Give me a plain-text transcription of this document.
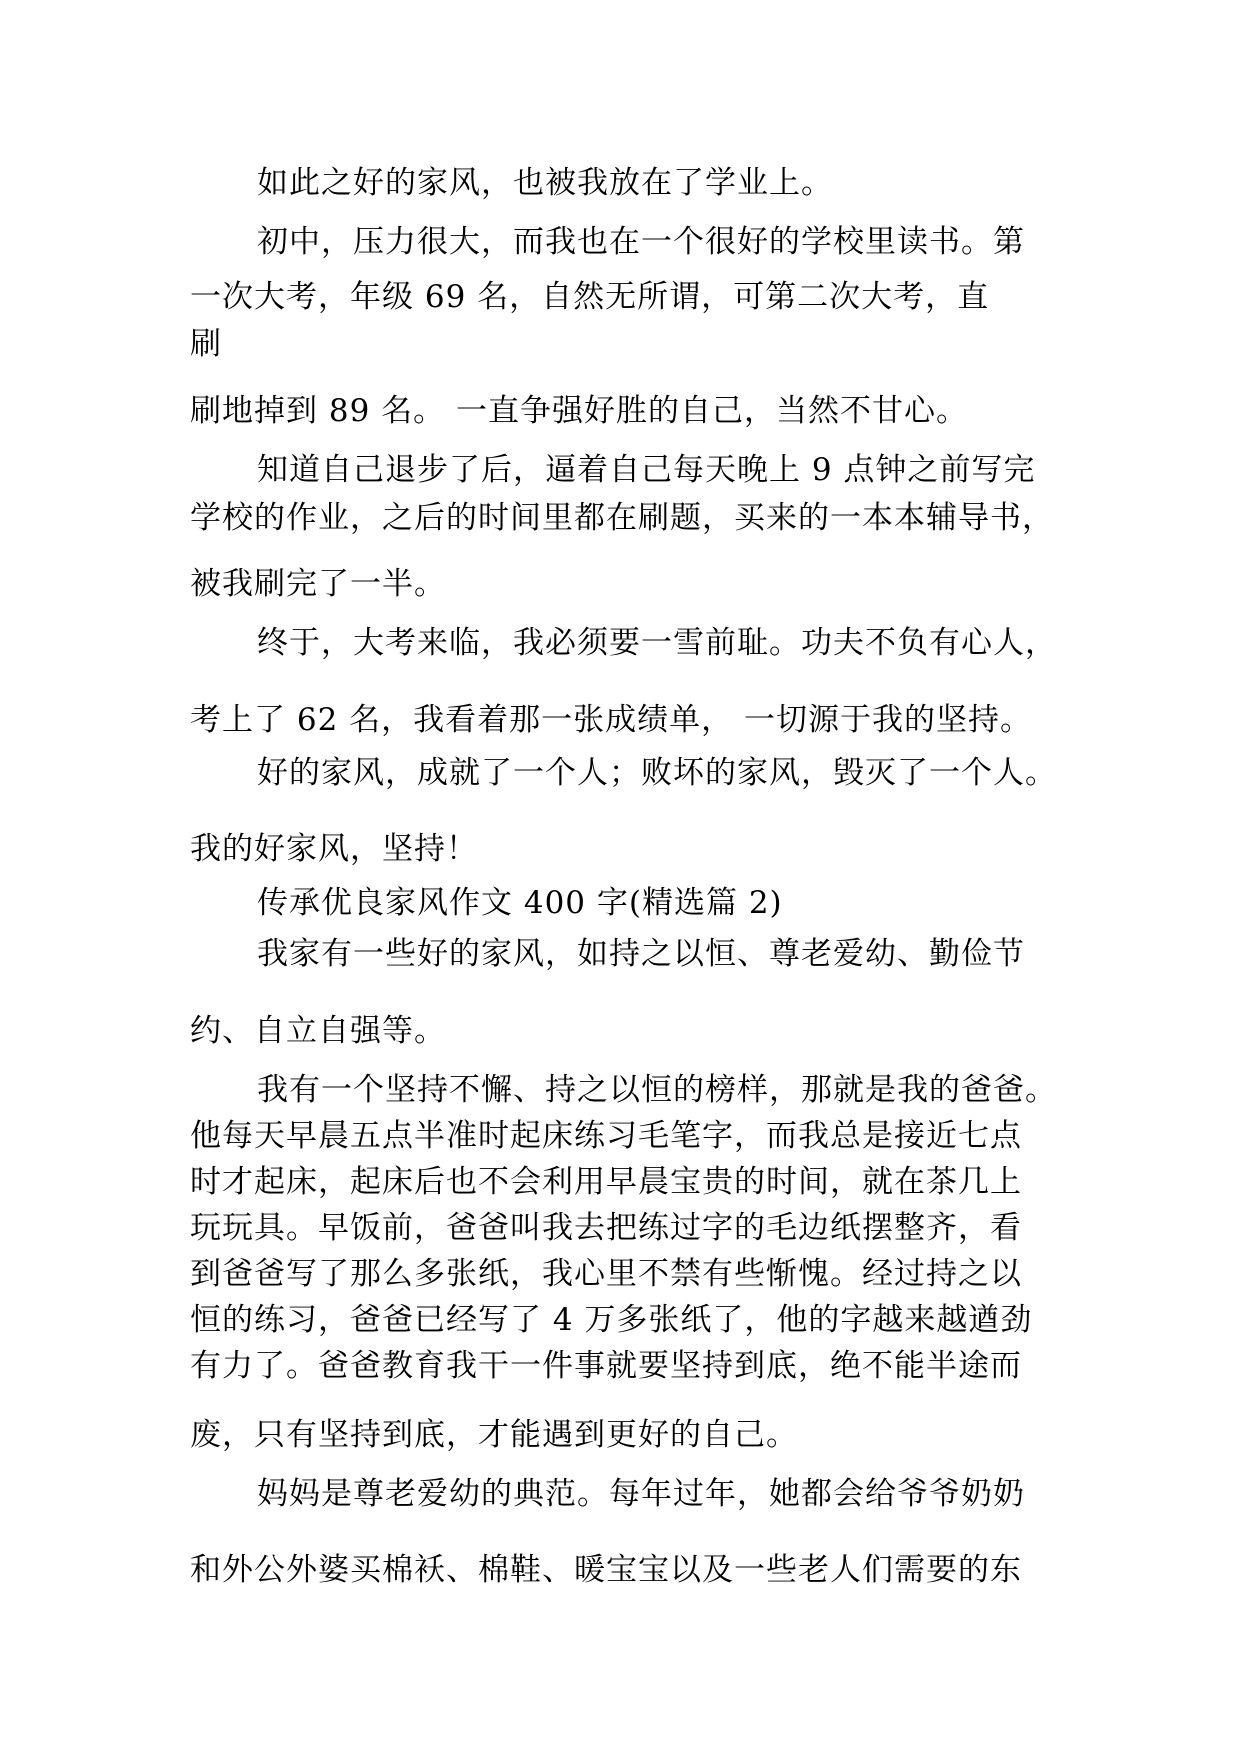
如此之好的家风，也被我放在了学业上。
初中，压力很大，而我也在一个很好的学校里读书。第
一次大考，年级 69 名，自然无所谓，可第二次大考，直
刷
刷地掉到 89 名。 一直争强好胜的自己，当然不甘心。
知道自己退步了后，逼着自己每天晚上 9 点钟之前写完
学校的作业，之后的时间里都在刷题，买来的一本本辅导书，
被我刷完了一半。
终于，大考来临，我必须要一雪前耻。功夫不负有心人，
考上了 62 名，我看着那一张成绩单， 一切源于我的坚持。
好的家风，成就了一个人；败坏的家风，毁灭了一个人。
我的好家风，坚持！
传承优良家风作文 400 字(精选篇 2)
我家有一些好的家风，如持之以恒、尊老爱幼、勤俭节
约、自立自强等。
我有一个坚持不懈、持之以恒的榜样，那就是我的爸爸。
他每天早晨五点半准时起床练习毛笔字，而我总是接近七点
时才起床，起床后也不会利用早晨宝贵的时间，就在茶几上
玩玩具。早饭前，爸爸叫我去把练过字的毛边纸摆整齐，看
到爸爸写了那么多张纸，我心里不禁有些惭愧。经过持之以
恒的练习，爸爸已经写了 4 万多张纸了，他的字越来越遒劲
有力了。爸爸教育我干一件事就要坚持到底，绝不能半途而
废，只有坚持到底，才能遇到更好的自己。
妈妈是尊老爱幼的典范。每年过年，她都会给爷爷奶奶
和外公外婆买棉袄、棉鞋、暖宝宝以及一些老人们需要的东
